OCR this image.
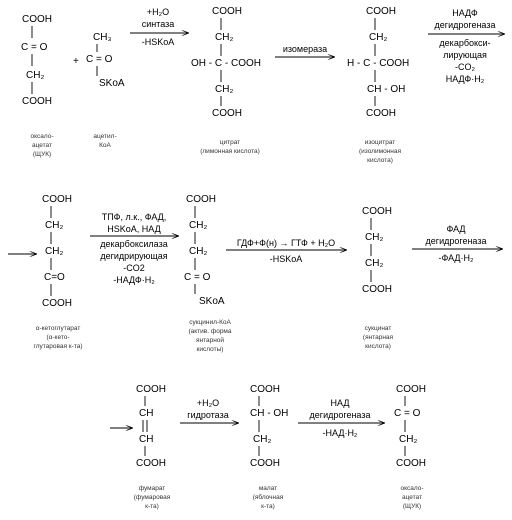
COOH
C = O
CH₂
COOH
оксало-
ацетат
(ЩУК)
+
CH₃
C = O
SKoA
ацетил-
КоА
+H₂O
синтаза
-HSKoA
COOH
CH₂
OH - C - COOH
CH₂
COOH
цитрат
(лимонная кислота)
изомераза
COOH
CH₂
H - C - COOH
CH - OH
COOH
изоцитрат
(изолимонная
кислота)
НАДФ
дегидрогеназа
декарбокси-
лирующая
-CO₂
НАДФ·H₂
COOH
CH₂
CH₂
C=O
COOH
α-кетоглутарат
(α-кето-
глутаровая к-та)
ТПФ, л.к., ФАД,
HSKoA, НАД
декарбоксилаза
дегидрирующая
-CO2
-НАДФ·H₂
COOH
CH₂
CH₂
C = O
SKoA
сукцинил-КоА
(актив. форма
янтарной
кислоты)
ГДФ+Ф(н) → ГТФ + H₂O
-HSKoA
COOH
CH₂
CH₂
COOH
сукцинат
(янтарная
кислота)
ФАД
дегидрогеназа
-ФАД·H₂
COOH
CH
CH
COOH
фумарат
(фумаровая
к-та)
+H₂O
гидротаза
COOH
CH - OH
CH₂
COOH
малат
(яблочная
к-та)
НАД
дегидрогеназа
-НАД·H₂
COOH
C = O
CH₂
COOH
оксало-
ацетат
(ЩУК)
